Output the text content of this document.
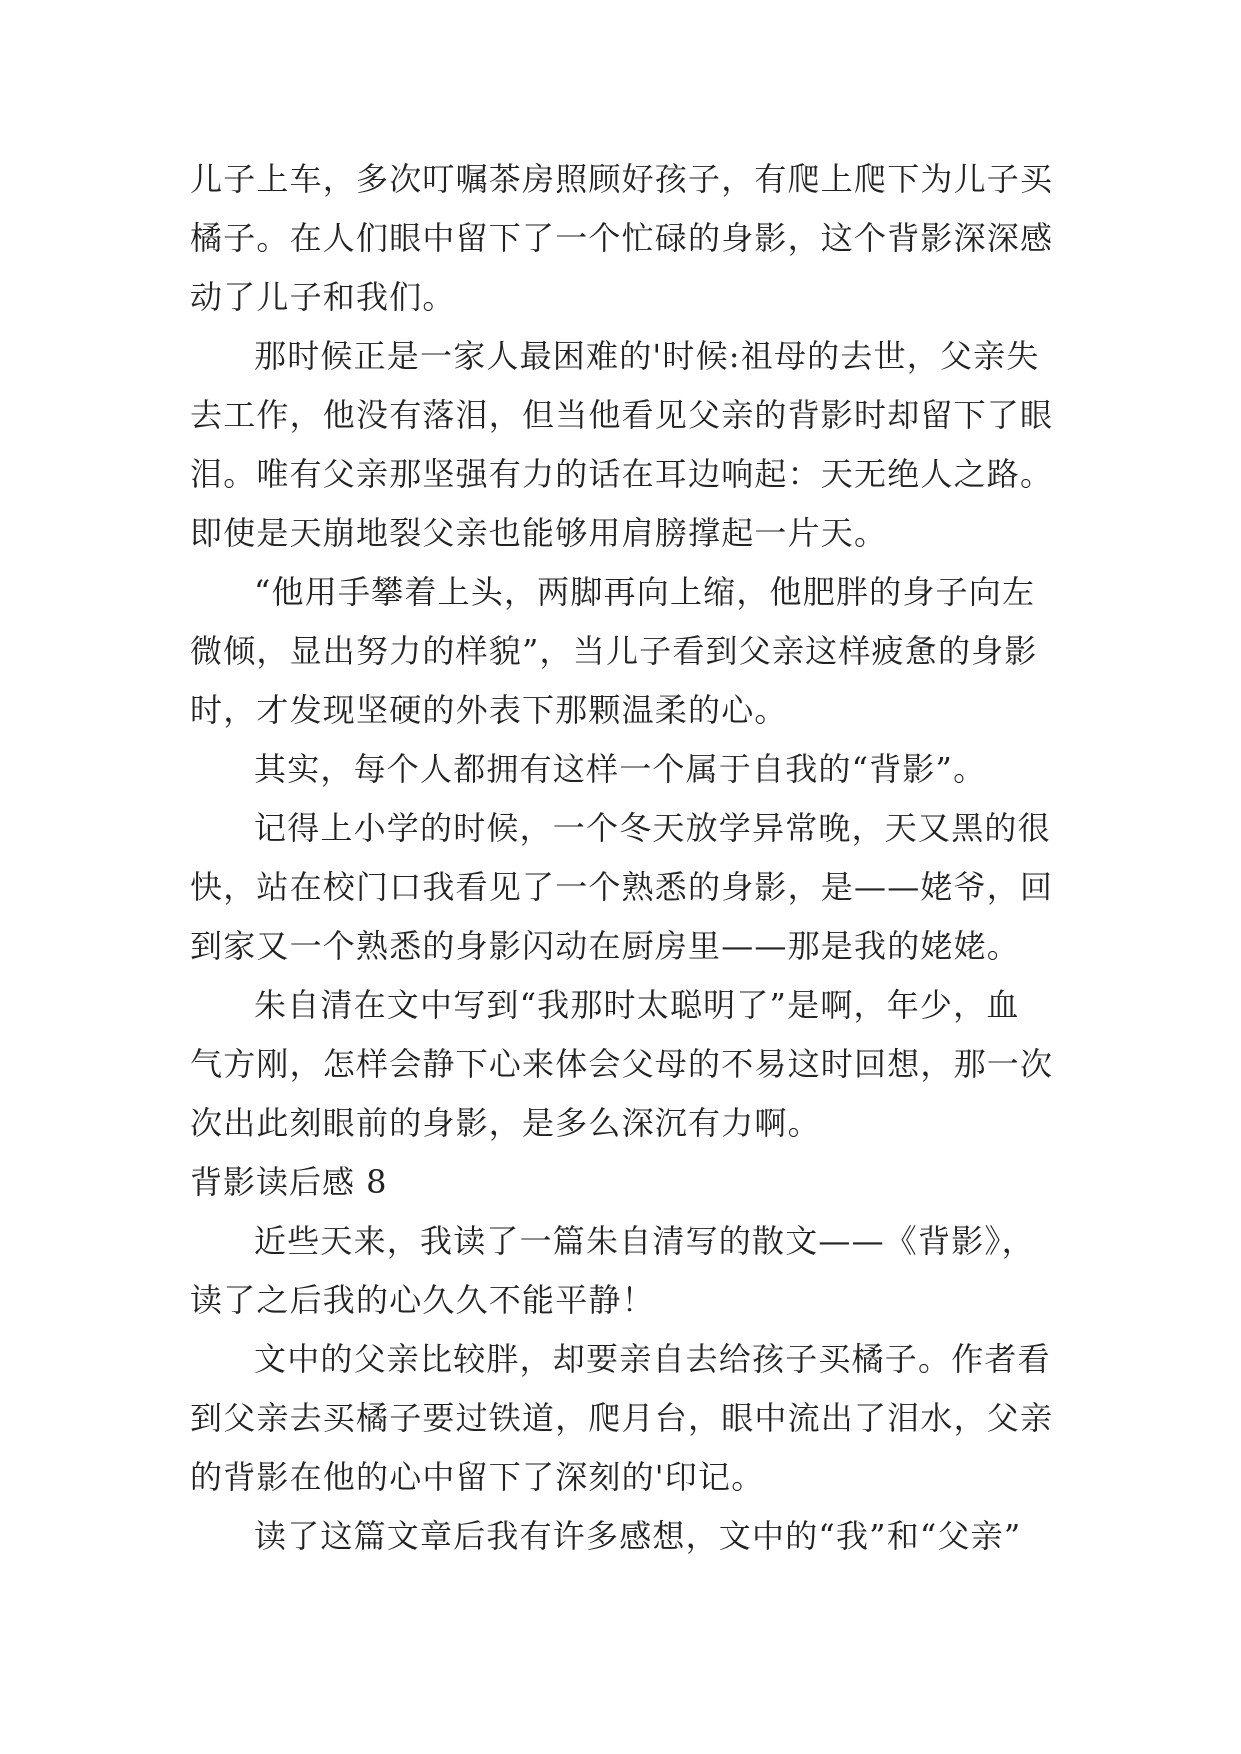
儿子上车，多次叮嘱茶房照顾好孩子，有爬上爬下为儿子买
橘子。在人们眼中留下了一个忙碌的身影，这个背影深深感
动了儿子和我们。
那时候正是一家人最困难的'时候:祖母的去世，父亲失
去工作，他没有落泪，但当他看见父亲的背影时却留下了眼
泪。唯有父亲那坚强有力的话在耳边响起：天无绝人之路。
即使是天崩地裂父亲也能够用肩膀撑起一片天。
“他用手攀着上头，两脚再向上缩，他肥胖的身子向左
微倾，显出努力的样貌”，当儿子看到父亲这样疲惫的身影
时，才发现坚硬的外表下那颗温柔的心。
其实，每个人都拥有这样一个属于自我的“背影”。
记得上小学的时候，一个冬天放学异常晚，天又黑的很
快，站在校门口我看见了一个熟悉的身影，是——姥爷，回
到家又一个熟悉的身影闪动在厨房里——那是我的姥姥。
朱自清在文中写到“我那时太聪明了”是啊，年少，血
气方刚，怎样会静下心来体会父母的不易这时回想，那一次
次出此刻眼前的身影，是多么深沉有力啊。
背影读后感 8
近些天来，我读了一篇朱自清写的散文——《背影》，
读了之后我的心久久不能平静！
文中的父亲比较胖，却要亲自去给孩子买橘子。作者看
到父亲去买橘子要过铁道，爬月台，眼中流出了泪水，父亲
的背影在他的心中留下了深刻的'印记。
读了这篇文章后我有许多感想，文中的“我”和“父亲”
